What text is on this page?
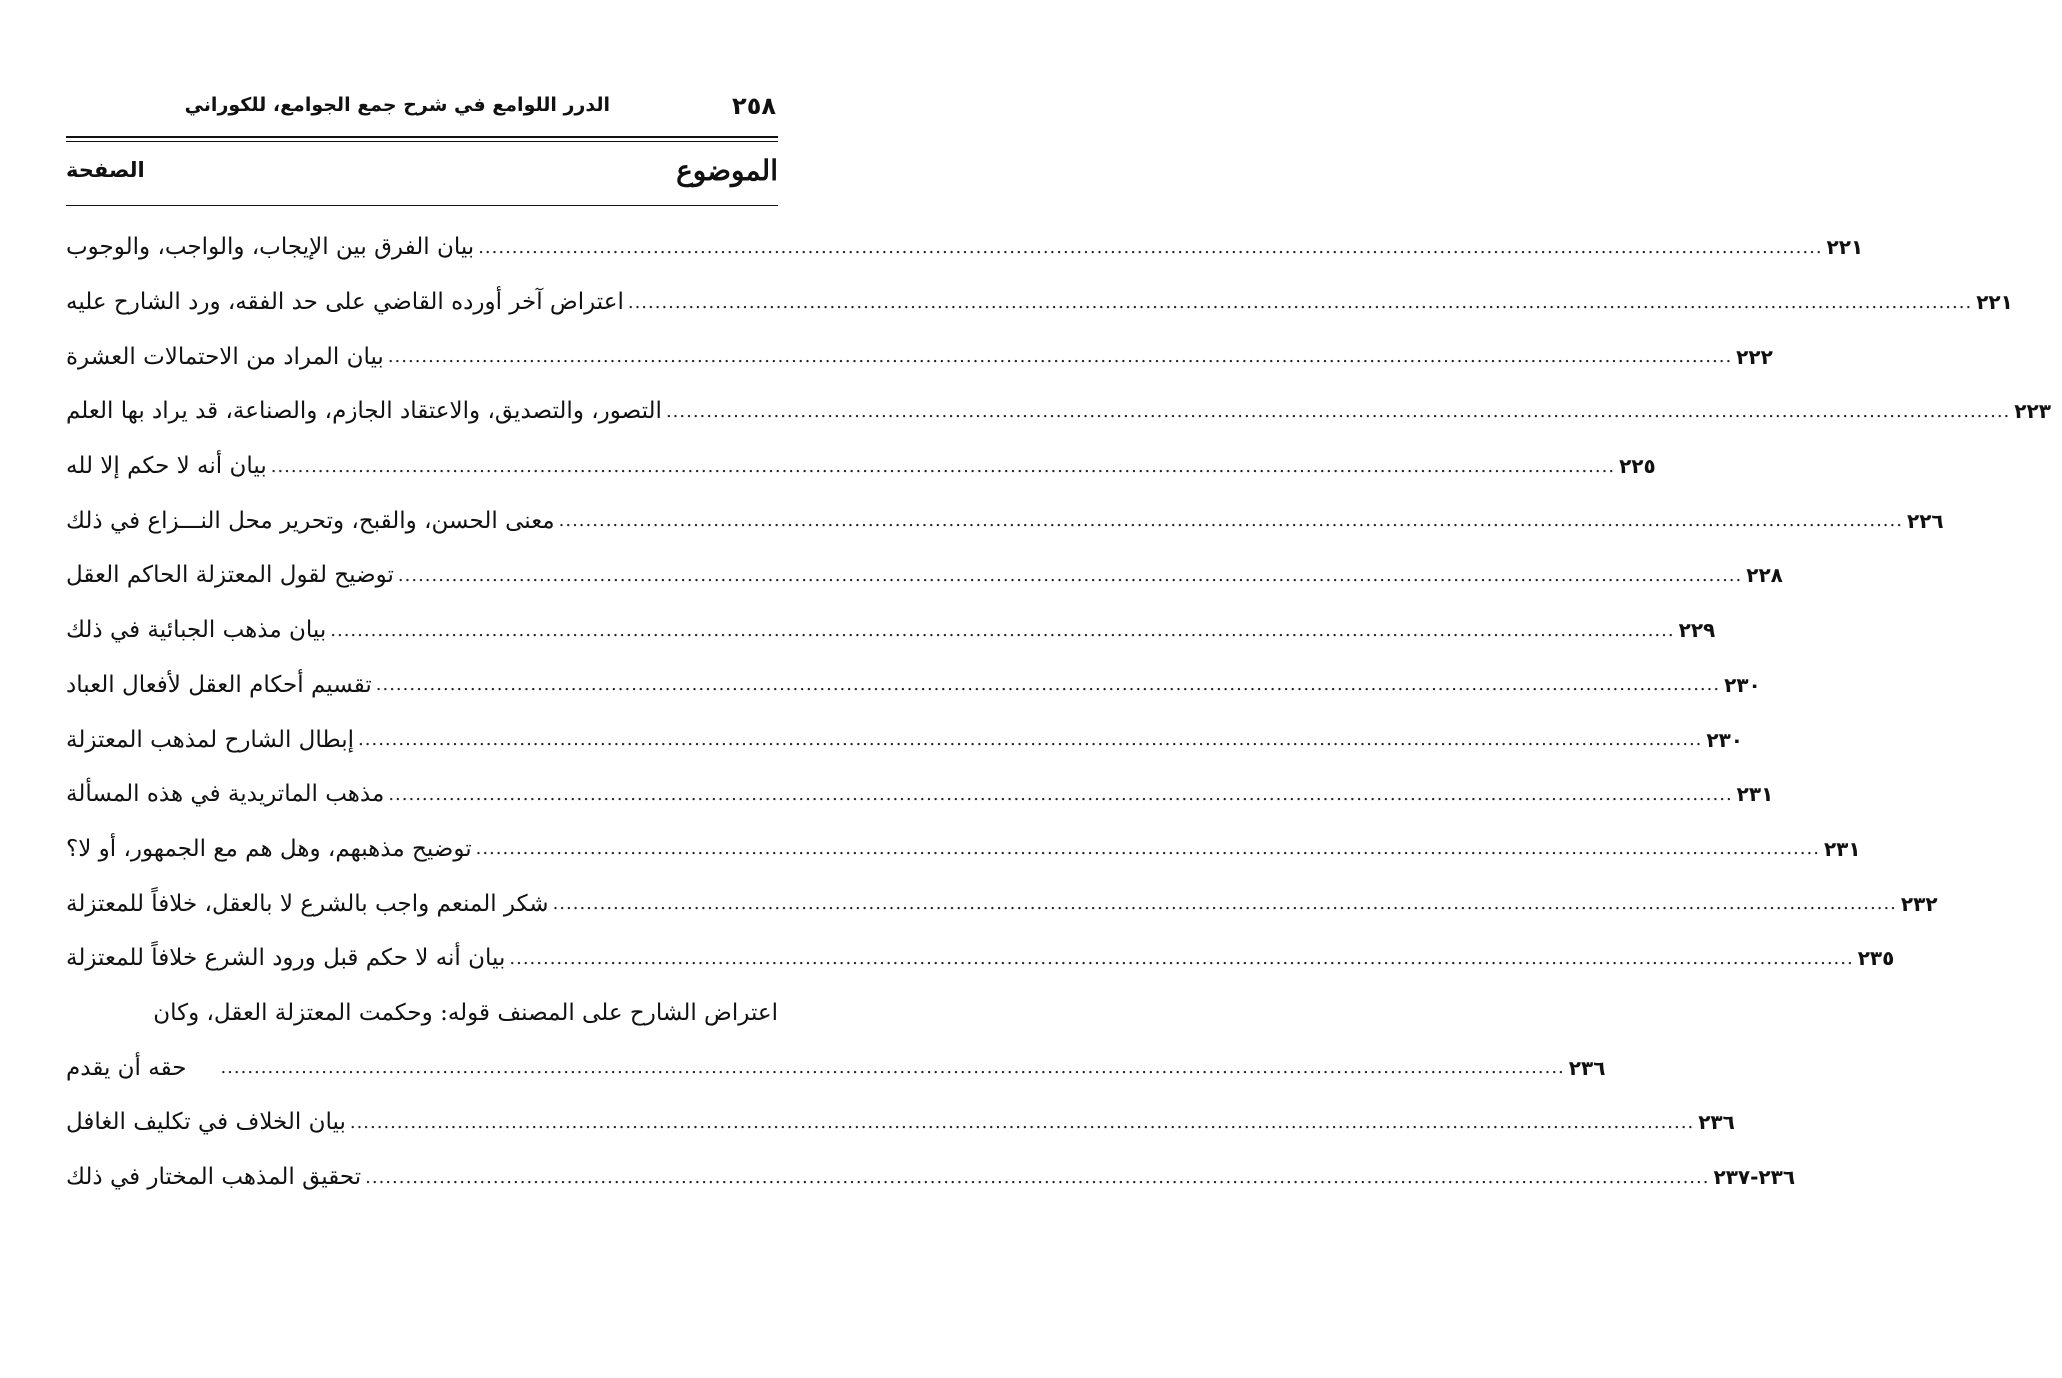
٢٥٨
الدرر اللوامع في شرح جمع الجوامع، للكوراني
الموضوع
الصفحة
بيان الفرق بين الإيجاب، والواجب، والوجوب ........................................................................................................................................................................................................ ٢٢١
اعتراض آخر أورده القاضي على حد الفقه، ورد الشارح عليه ........................................................................................................................................................................................................ ٢٢١
بيان المراد من الاحتمالات العشرة ........................................................................................................................................................................................................ ٢٢٢
التصور، والتصديق، والاعتقاد الجازم، والصناعة، قد يراد بها العلم ........................................................................................................................................................................................................ ٢٢٣
بيان أنه لا حكم إلا لله ........................................................................................................................................................................................................ ٢٢٥
معنى الحسن، والقبح، وتحرير محل النـــزاع في ذلك ........................................................................................................................................................................................................ ٢٢٦
توضيح لقول المعتزلة الحاكم العقل ........................................................................................................................................................................................................ ٢٢٨
بيان مذهب الجبائية في ذلك ........................................................................................................................................................................................................ ٢٢٩
تقسيم أحكام العقل لأفعال العباد ........................................................................................................................................................................................................ ٢٣٠
إبطال الشارح لمذهب المعتزلة ........................................................................................................................................................................................................ ٢٣٠
مذهب الماتريدية في هذه المسألة ........................................................................................................................................................................................................ ٢٣١
توضيح مذهبهم، وهل هم مع الجمهور، أو لا؟ ........................................................................................................................................................................................................ ٢٣١
شكر المنعم واجب بالشرع لا بالعقل، خلافاً للمعتزلة ........................................................................................................................................................................................................ ٢٣٢
بيان أنه لا حكم قبل ورود الشرع خلافاً للمعتزلة ........................................................................................................................................................................................................ ٢٣٥
اعتراض الشارح على المصنف قوله: وحكمت المعتزلة العقل، وكان
حقه أن يقدم	........................................................................................................................................................................................................ ٢٣٦
بيان الخلاف في تكليف الغافل ........................................................................................................................................................................................................ ٢٣٦
تحقيق المذهب المختار في ذلك ........................................................................................................................................................................................................ ٢٣٦-٢٣٧
